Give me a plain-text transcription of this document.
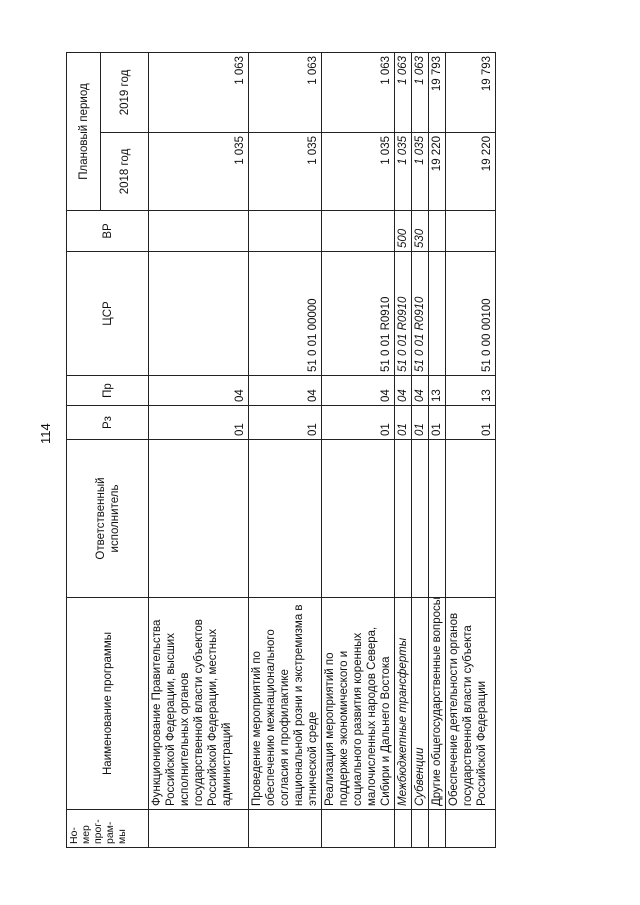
114
Но-
мер
прог-
рам-
мы	Наименование программы	Ответственный исполнитель	Рз	Пр	ЦСР	ВР	Плановый период	
							2018 год	2019 год
	Функционирование Правительства Российской Федерации, высших исполнительных органов государственной власти субъектов Российской Федерации, местных администраций		01	04			1 035	1 063
	Проведение мероприятий по обеспечению межнационального согласия и профилактике национальной розни и экстремизма в этнической среде		01	04	51 0 01 00000		1 035	1 063
	Реализация мероприятий по поддержке экономического и социального развития коренных малочисленных народов Севера, Сибири и Дальнего Востока		01	04	51 0 01 R0910		1 035	1 063
	Межбюджетные трансферты		01	04	51 0 01 R0910	500	1 035	1 063
	Субвенции		01	04	51 0 01 R0910	530	1 035	1 063
	Другие общегосударственные вопросы		01	13			19 220	19 793
	Обеспечение деятельности органов государственной власти субъекта Российской Федерации		01	13	51 0 00 00100		19 220	19 793
